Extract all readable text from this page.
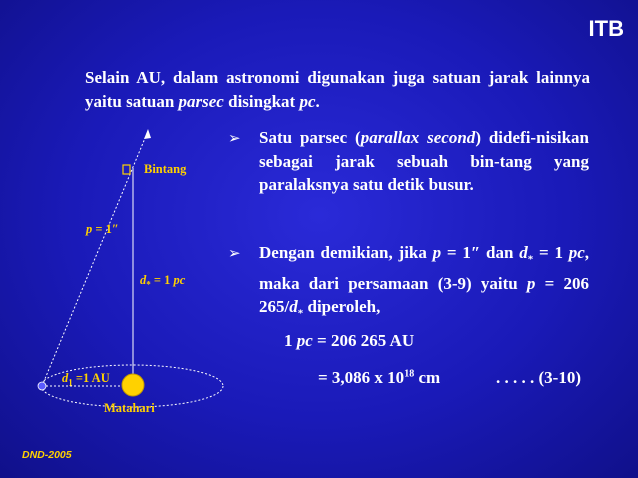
ITB
Selain AU, dalam astronomi digunakan juga satuan jarak lainnya yaitu satuan parsec disingkat pc.
➢ Satu parsec (parallax second) didefi-nisikan sebagai jarak sebuah bin-tang yang paralaksnya satu detik busur.
➢ Dengan demikian, jika p = 1″ dan $d_* = 1$ pc, maka dari persamaan (3-9) yaitu p = 206 $265/d_*$ diperoleh,
1 pc = 206 265 AU
= 3,086 x $10^{18}$ cm	. . . . . (3-10)
Bintang
p = 1″
$d_* = 1$ pc
$d_1 =1$ AU
Matahari
DND-2005
